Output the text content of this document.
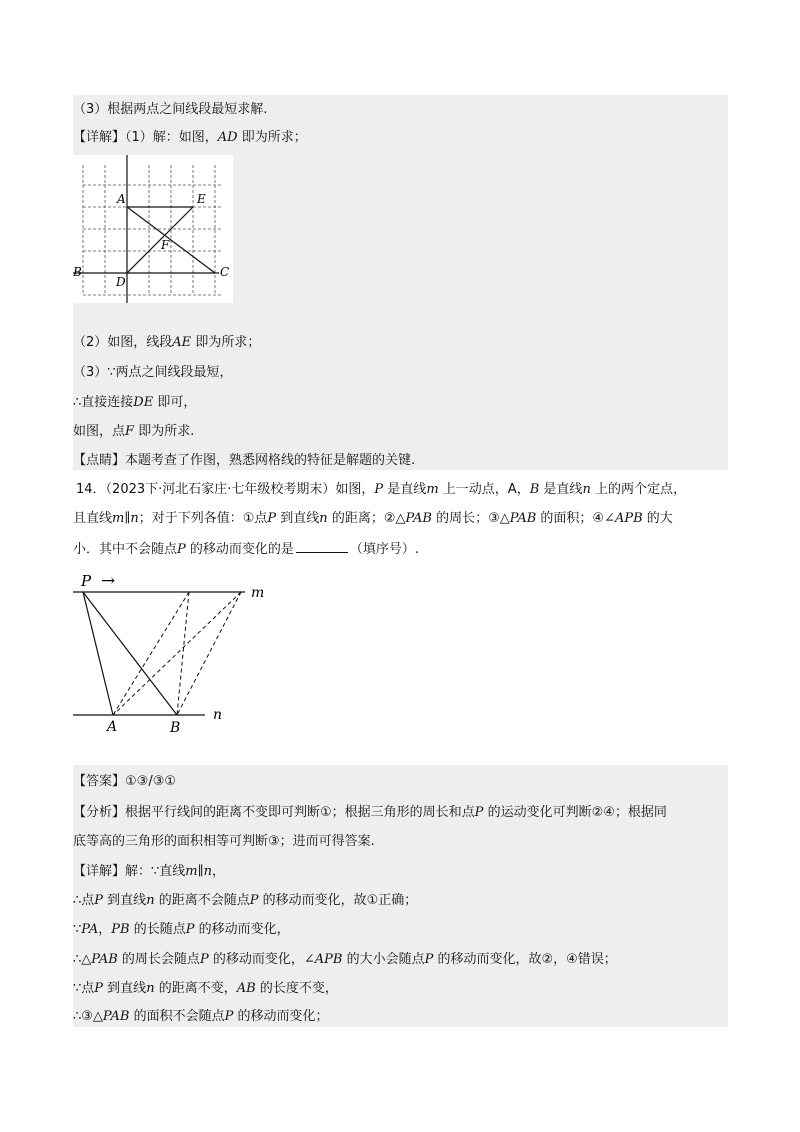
（3）根据两点之间线段最短求解.
【详解】（1）解：如图，AD 即为所求；
A	E
F
B
D
C
（2）如图，线段AE 即为所求；
（3）∵两点之间线段最短，
∴直接连接DE 即可，
如图，点F 即为所求.
【点睛】本题考查了作图，熟悉网格线的特征是解题的关键.
14．（2023下·河北石家庄·七年级校考期末）如图，P 是直线m 上一动点，A，B 是直线n 上的两个定点，
且直线m∥n；对于下列各值：①点P 到直线n 的距离；②△PAB 的周长；③△PAB 的面积；④∠APB 的大
小．其中不会随点P 的移动而变化的是	（填序号）.
P →
m
n
A	B
【答案】①③/③①
【分析】根据平行线间的距离不变即可判断①；根据三角形的周长和点P 的运动变化可判断②④；根据同
底等高的三角形的面积相等可判断③；进而可得答案.
【详解】解：∵直线m∥n，
∴点P 到直线n 的距离不会随点P 的移动而变化，故①正确；
∵PA，PB 的长随点P 的移动而变化，
∴△PAB 的周长会随点P 的移动而变化，∠APB 的大小会随点P 的移动而变化，故②，④错误；
∵点P 到直线n 的距离不变，AB 的长度不变，
∴③△PAB 的面积不会随点P 的移动而变化；
